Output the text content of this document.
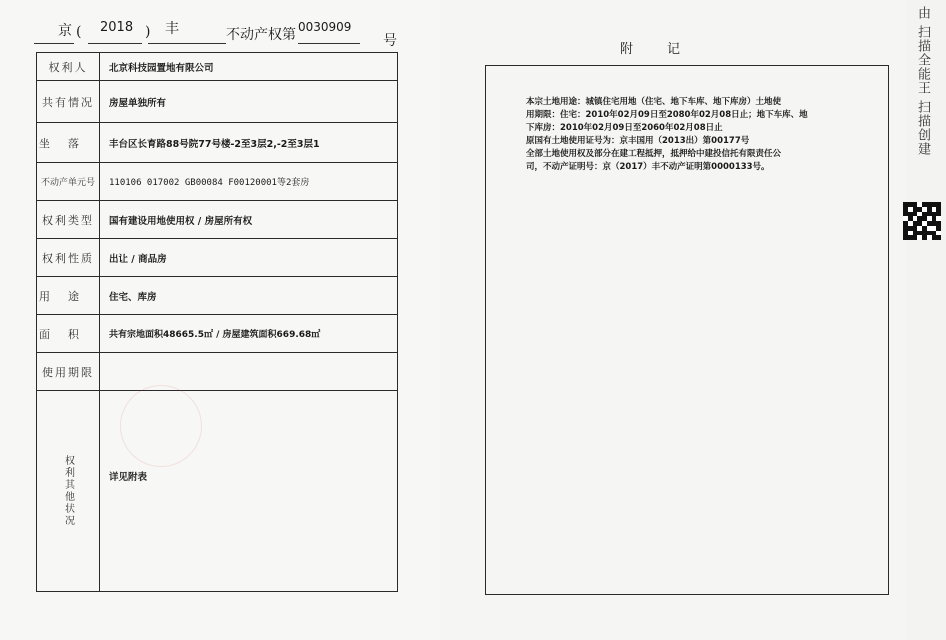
京 ( 2018 ) 丰	不动产权第 0030909
号
权利人	北京科技园置地有限公司
共有情况	房屋单独所有
坐落 丰台区长育路88号院77号楼-2至3层2,-2至3层1
不动产单元号	110106 017002 GB00084 F00120001等2套房
权利类型	国有建设用地使用权 / 房屋所有权
权利性质	出让 / 商品房
用途 住宅、库房
面积 共有宗地面积48665.5㎡ / 房屋建筑面积669.68㎡
使用期限
权利其他状况	详见附表
附 记
本宗土地用途：城镇住宅用地（住宅、地下车库、地下库房）土地使
用期限：住宅：2010年02月09日至2080年02月08日止；地下车库、地
下库房：2010年02月09日至2060年02月08日止
原国有土地使用证号为：京丰国用（2013出）第00177号
全部土地使用权及部分在建工程抵押，抵押给中建投信托有限责任公
司，不动产证明号：京（2017）丰不动产证明第0000133号。
由 扫描全能王 扫描创建
